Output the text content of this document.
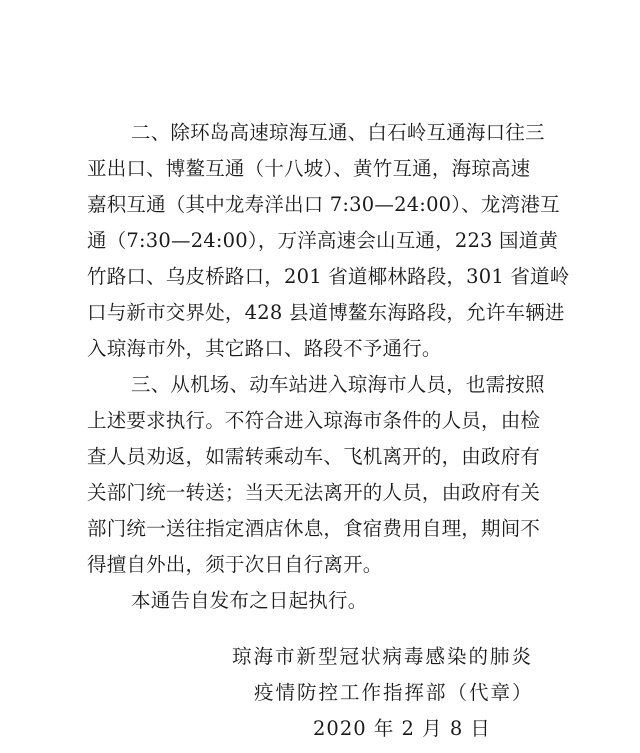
二、除环岛高速琼海互通、白石岭互通海口往三
亚出口、博鳌互通（十八坡）、黄竹互通，海琼高速
嘉积互通（其中龙寿洋出口 7:30—24:00）、龙湾港互
通（7:30—24:00），万洋高速会山互通，223 国道黄
竹路口、乌皮桥路口，201 省道椰林路段，301 省道岭
口与新市交界处，428 县道博鳌东海路段，允许车辆进
入琼海市外，其它路口、路段不予通行。
三、从机场、动车站进入琼海市人员，也需按照
上述要求执行。不符合进入琼海市条件的人员，由检
查人员劝返，如需转乘动车、飞机离开的，由政府有
关部门统一转送；当天无法离开的人员，由政府有关
部门统一送往指定酒店休息，食宿费用自理，期间不
得擅自外出，须于次日自行离开。
本通告自发布之日起执行。
琼海市新型冠状病毒感染的肺炎
疫情防控工作指挥部（代章）
2020 年 2 月 8 日
